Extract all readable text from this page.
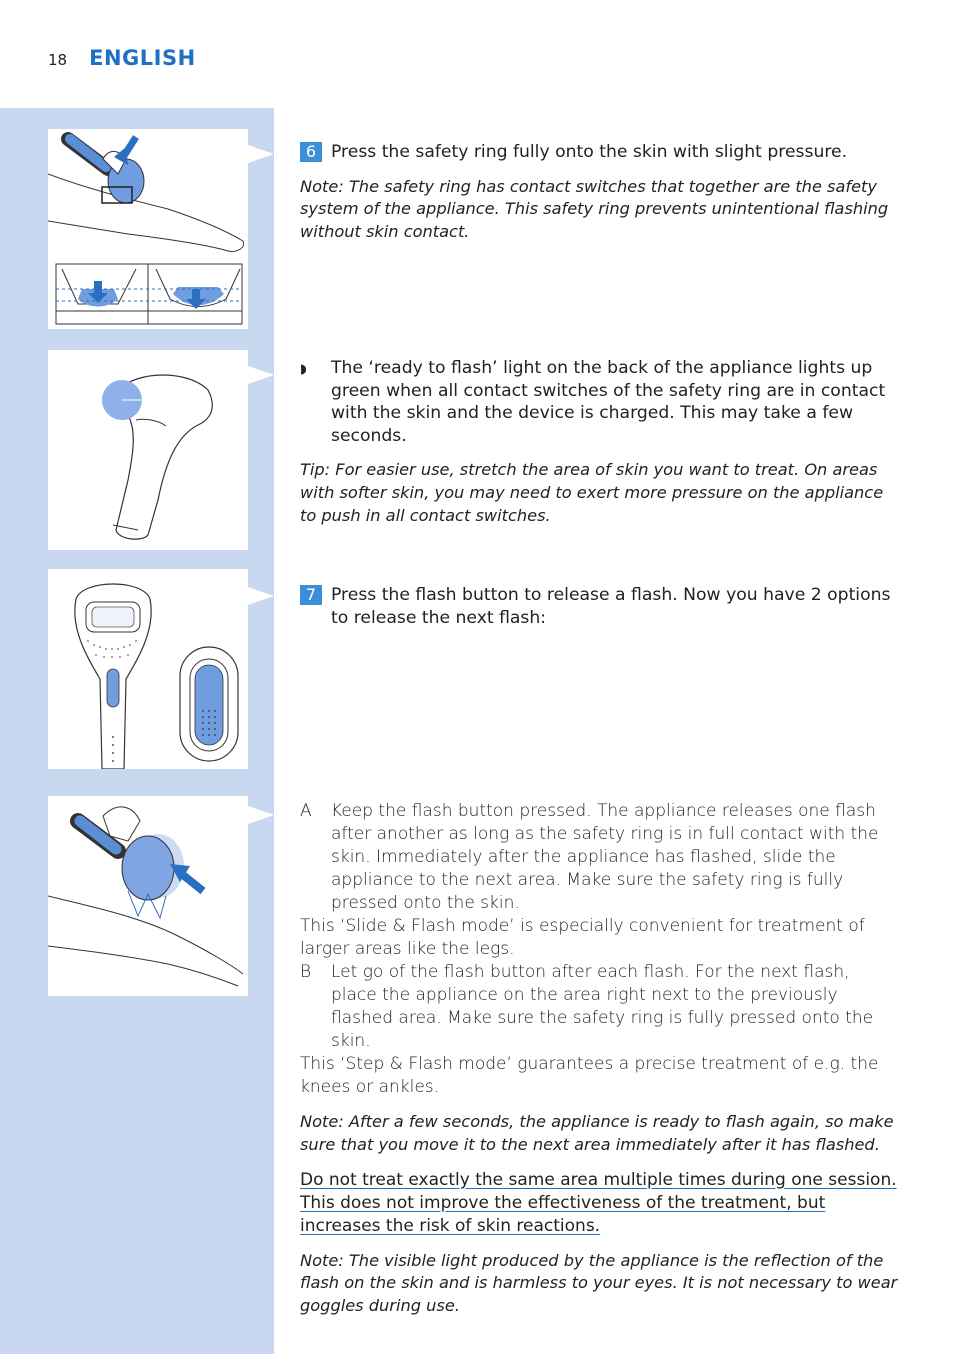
18 ENGLISH
6 Press the safety ring fully onto the skin with slight pressure.
Note: The safety ring has contact switches that together are the safety system of the appliance. This safety ring prevents unintentional flashing without skin contact.
◗	The ‘ready to flash’ light on the back of the appliance lights up green when all contact switches of the safety ring are in contact with the skin and the device is charged. This may take a few seconds.
Tip: For easier use, stretch the area of skin you want to treat. On areas with softer skin, you may need to exert more pressure on the appliance to push in all contact switches.
7 Press the flash button to release a flash. Now you have 2 options to release the next flash:
A	Keep the flash button pressed. The appliance releases one flash after another as long as the safety ring is in full contact with the skin. Immediately after the appliance has flashed, slide the appliance to the next area. Make sure the safety ring is fully pressed onto the skin.
This ‘Slide & Flash mode’ is especially convenient for treatment of larger areas like the legs.
B	Let go of the flash button after each flash. For the next flash, place the appliance on the area right next to the previously flashed area. Make sure the safety ring is fully pressed onto the skin.
This ‘Step & Flash mode’ guarantees a precise treatment of e.g. the knees or ankles.
Note: After a few seconds, the appliance is ready to flash again, so make sure that you move it to the next area immediately after it has flashed.
Do not treat exactly the same area multiple times during one session. This does not improve the effectiveness of the treatment, but increases the risk of skin reactions.
Note: The visible light produced by the appliance is the reflection of the flash on the skin and is harmless to your eyes. It is not necessary to wear goggles during use.
